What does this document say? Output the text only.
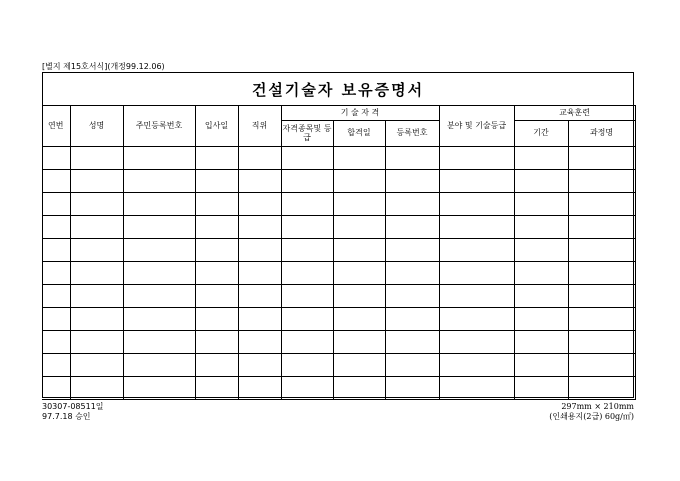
[별지 제15호서식](개정99.12.06)
건설기술자 보유증명서
연번	성명	주민등록번호	입사일	직위	기 술 자 격			분야 및 기술등급	교육훈련	
					자격종목및 등급	합격일	등록번호		기간	과정명

30307-08511일
97.7.18 승인
297mm × 210mm
(인쇄용지(2급) 60g/㎡)
